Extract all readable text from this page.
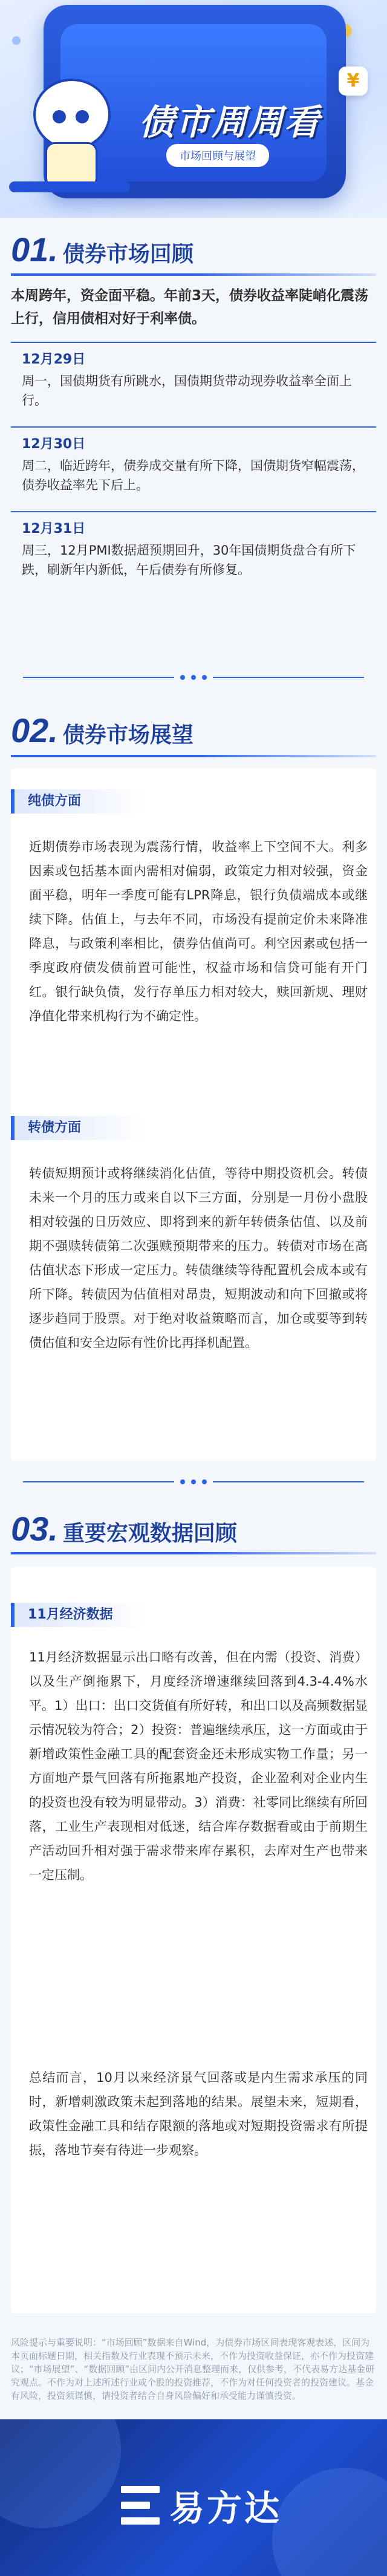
¥
债市周周看
市场回顾与展望
01. 债券市场回顾
本周跨年，资金面平稳。年前3天，债券收益率陡峭化震荡上行，信用债相对好于利率债。
12月29日
周一，国债期货有所跳水，国债期货带动现券收益率全面上行。
12月30日
周二，临近跨年，债券成交量有所下降，国债期货窄幅震荡，债券收益率先下后上。
12月31日
周三，12月PMI数据超预期回升，30年国债期货盘合有所下跌，刷新年内新低，午后债券有所修复。
02. 债券市场展望
纯债方面
近期债券市场表现为震荡行情，收益率上下空间不大。利多因素或包括基本面内需相对偏弱，政策定力相对较强，资金面平稳，明年一季度可能有LPR降息，银行负债端成本或继续下降。估值上，与去年不同，市场没有提前定价未来降准降息，与政策利率相比，债券估值尚可。利空因素或包括一季度政府债发债前置可能性，权益市场和信贷可能有开门红。银行缺负债，发行存单压力相对较大，赎回新规、理财净值化带来机构行为不确定性。
转债方面
转债短期预计或将继续消化估值，等待中期投资机会。转债未来一个月的压力或来自以下三方面，分别是一月份小盘股相对较强的日历效应、即将到来的新年转债条估值、以及前期不强赎转债第二次强赎预期带来的压力。转债对市场在高估值状态下形成一定压力。转债继续等待配置机会成本或有所下降。转债因为估值相对昂贵，短期波动和向下回撤或将逐步趋同于股票。对于绝对收益策略而言，加仓或要等到转债估值和安全边际有性价比再择机配置。
03. 重要宏观数据回顾
11月经济数据
11月经济数据显示出口略有改善，但在内需（投资、消费）以及生产倒拖累下，月度经济增速继续回落到4.3-4.4%水平。1）出口：出口交货值有所好转，和出口以及高频数据显示情况较为符合；2）投资：普遍继续承压，这一方面或由于新增政策性金融工具的配套资金还未形成实物工作量；另一方面地产景气回落有所拖累地产投资，企业盈利对企业内生的投资也没有较为明显带动。3）消费：社零同比继续有所回落，工业生产表现相对低迷，结合库存数据看或由于前期生产活动回升相对强于需求带来库存累积，去库对生产也带来一定压制。
总结而言，10月以来经济景气回落或是内生需求承压的同时，新增刺激政策未起到落地的结果。展望未来，短期看，政策性金融工具和结存限额的落地或对短期投资需求有所提振，落地节奏有待进一步观察。
风险提示与重要说明：“市场回顾”数据来自Wind，为债券市场区间表现客观表述，区间为本页面标题日期，相关指数及行业表现不预示未来，不作为投资收益保证，亦不作为投资建议；“市场展望”、“数据回顾”由区间内公开消息整理而来，仅供参考，不代表易方达基金研究观点。不作为对上述所述行业或个股的投资推荐，不作为对任何投资者的投资建议。基金有风险，投资须谨慎，请投资者结合自身风险偏好和承受能力谨慎投资。
易方达
